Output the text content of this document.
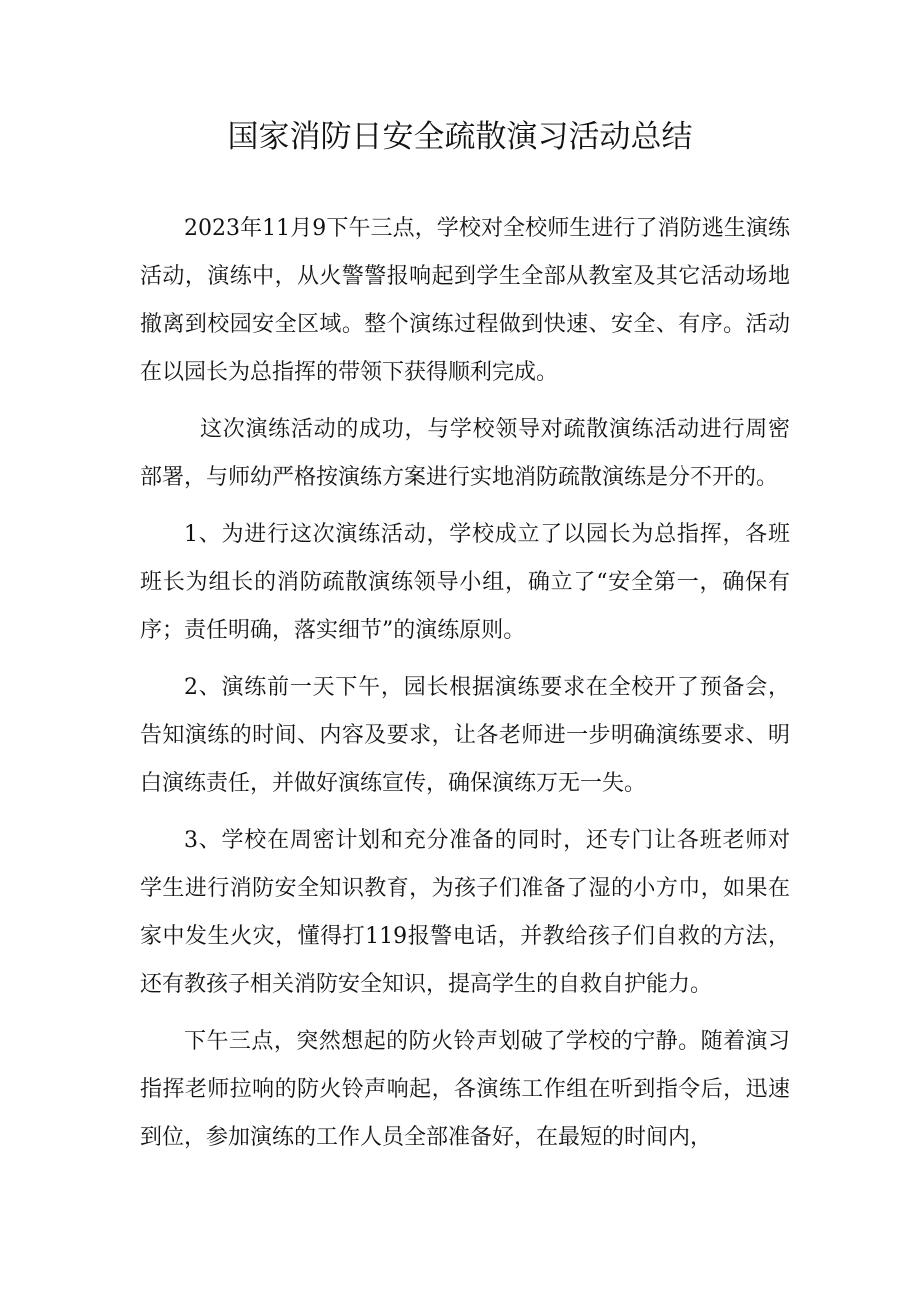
国家消防日安全疏散演习活动总结

2023年11月9下午三点，学校对全校师生进行了消防逃生演练活动，演练中，从火警警报响起到学生全部从教室及其它活动场地撤离到校园安全区域。整个演练过程做到快速、安全、有序。活动在以园长为总指挥的带领下获得顺利完成。

这次演练活动的成功，与学校领导对疏散演练活动进行周密部署，与师幼严格按演练方案进行实地消防疏散演练是分不开的。

1、为进行这次演练活动，学校成立了以园长为总指挥，各班班长为组长的消防疏散演练领导小组，确立了“安全第一，确保有序；责任明确，落实细节”的演练原则。

2、演练前一天下午，园长根据演练要求在全校开了预备会，告知演练的时间、内容及要求，让各老师进一步明确演练要求、明白演练责任，并做好演练宣传，确保演练万无一失。

3、学校在周密计划和充分准备的同时，还专门让各班老师对学生进行消防安全知识教育，为孩子们准备了湿的小方巾，如果在家中发生火灾，懂得打119报警电话，并教给孩子们自救的方法，还有教孩子相关消防安全知识，提高学生的自救自护能力。

下午三点，突然想起的防火铃声划破了学校的宁静。随着演习指挥老师拉响的防火铃声响起，各演练工作组在听到指令后，迅速到位，参加演练的工作人员全部准备好，在最短的时间内，
